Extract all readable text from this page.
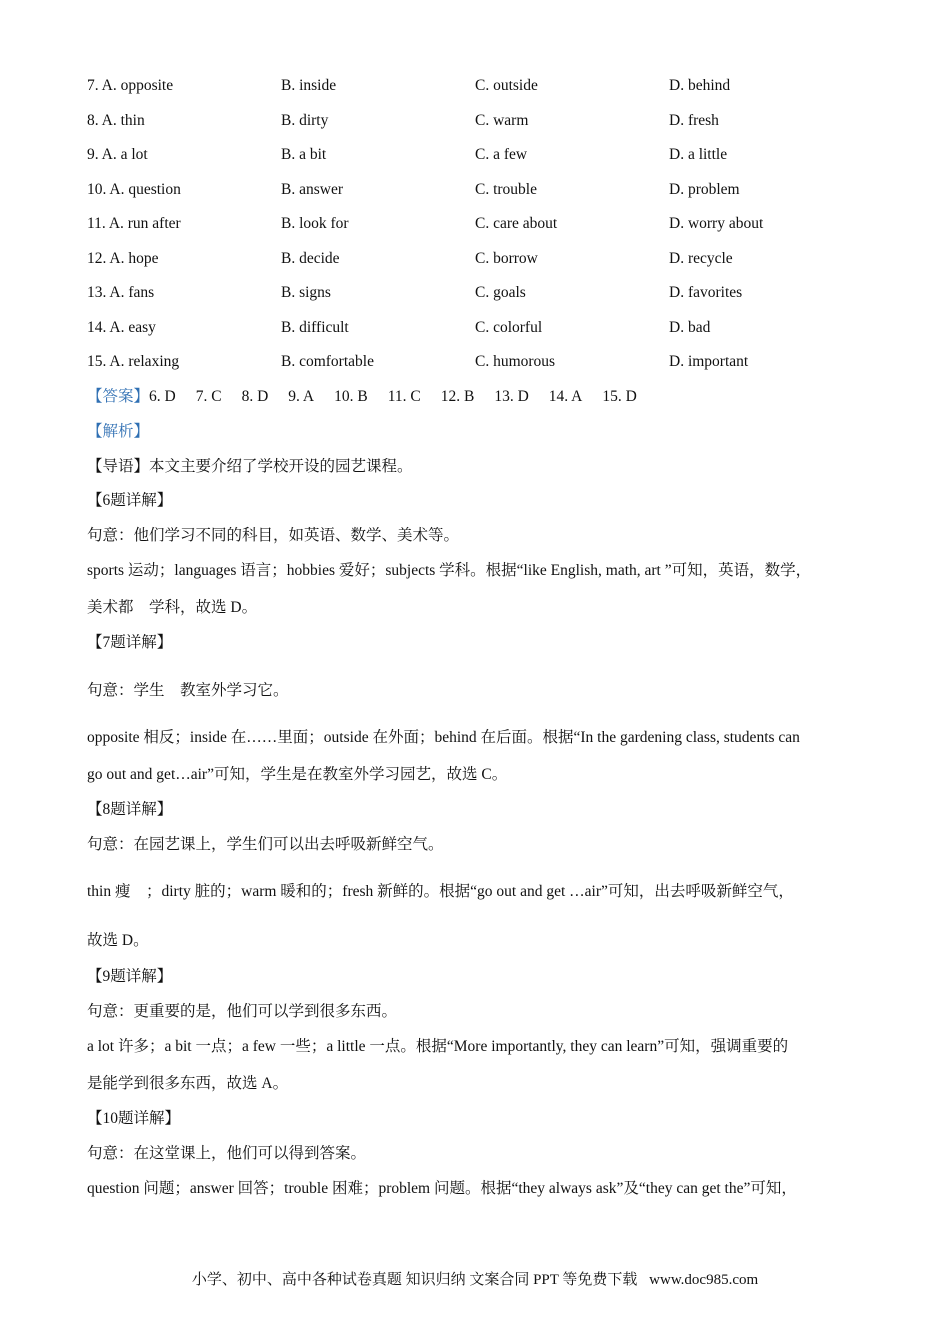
7. A. opposite	B. inside	C. outside	D. behind
8. A. thin	B. dirty	C. warm	D. fresh
9. A. a lot	B. a bit	C. a few	D. a little
10. A. question	B. answer	C. trouble	D. problem
11. A. run after	B. look for	C. care about	D. worry about
12. A. hope	B. decide	C. borrow	D. recycle
13. A. fans	B. signs	C. goals	D. favorites
14. A. easy	B. difficult	C. colorful	D. bad
15. A. relaxing	B. comfortable	C. humorous	D. important
【答案】6. D 7. C 8. D 9. A 10. B 11. C 12. B 13. D 14. A 15. D
【解析】
【导语】本文主要介绍了学校开设的园艺课程。
【6题详解】
句意：他们学习不同的科目，如英语、数学、美术等。
sports 运动；languages 语言；hobbies 爱好；subjects 学科。根据“like English, math, art ”可知，英语，数学，
美术都　学科，故选 D。
【7题详解】
句意：学生　教室外学习它。
opposite 相反；inside 在……里面；outside 在外面；behind 在后面。根据“In the gardening class, students can
go out and get…air”可知，学生是在教室外学习园艺，故选 C。
【8题详解】
句意：在园艺课上，学生们可以出去呼吸新鲜空气。
thin 瘦　；dirty 脏的；warm 暖和的；fresh 新鲜的。根据“go out and get …air”可知，出去呼吸新鲜空气，
故选 D。
【9题详解】
句意：更重要的是，他们可以学到很多东西。
a lot 许多；a bit 一点；a few 一些；a little 一点。根据“More importantly, they can learn”可知，强调重要的
是能学到很多东西，故选 A。
【10题详解】
句意：在这堂课上，他们可以得到答案。
question 问题；answer 回答；trouble 困难；problem 问题。根据“they always ask”及“they can get the”可知，
小学、初中、高中各种试卷真题 知识归纳 文案合同 PPT 等免费下载 www.doc985.com
